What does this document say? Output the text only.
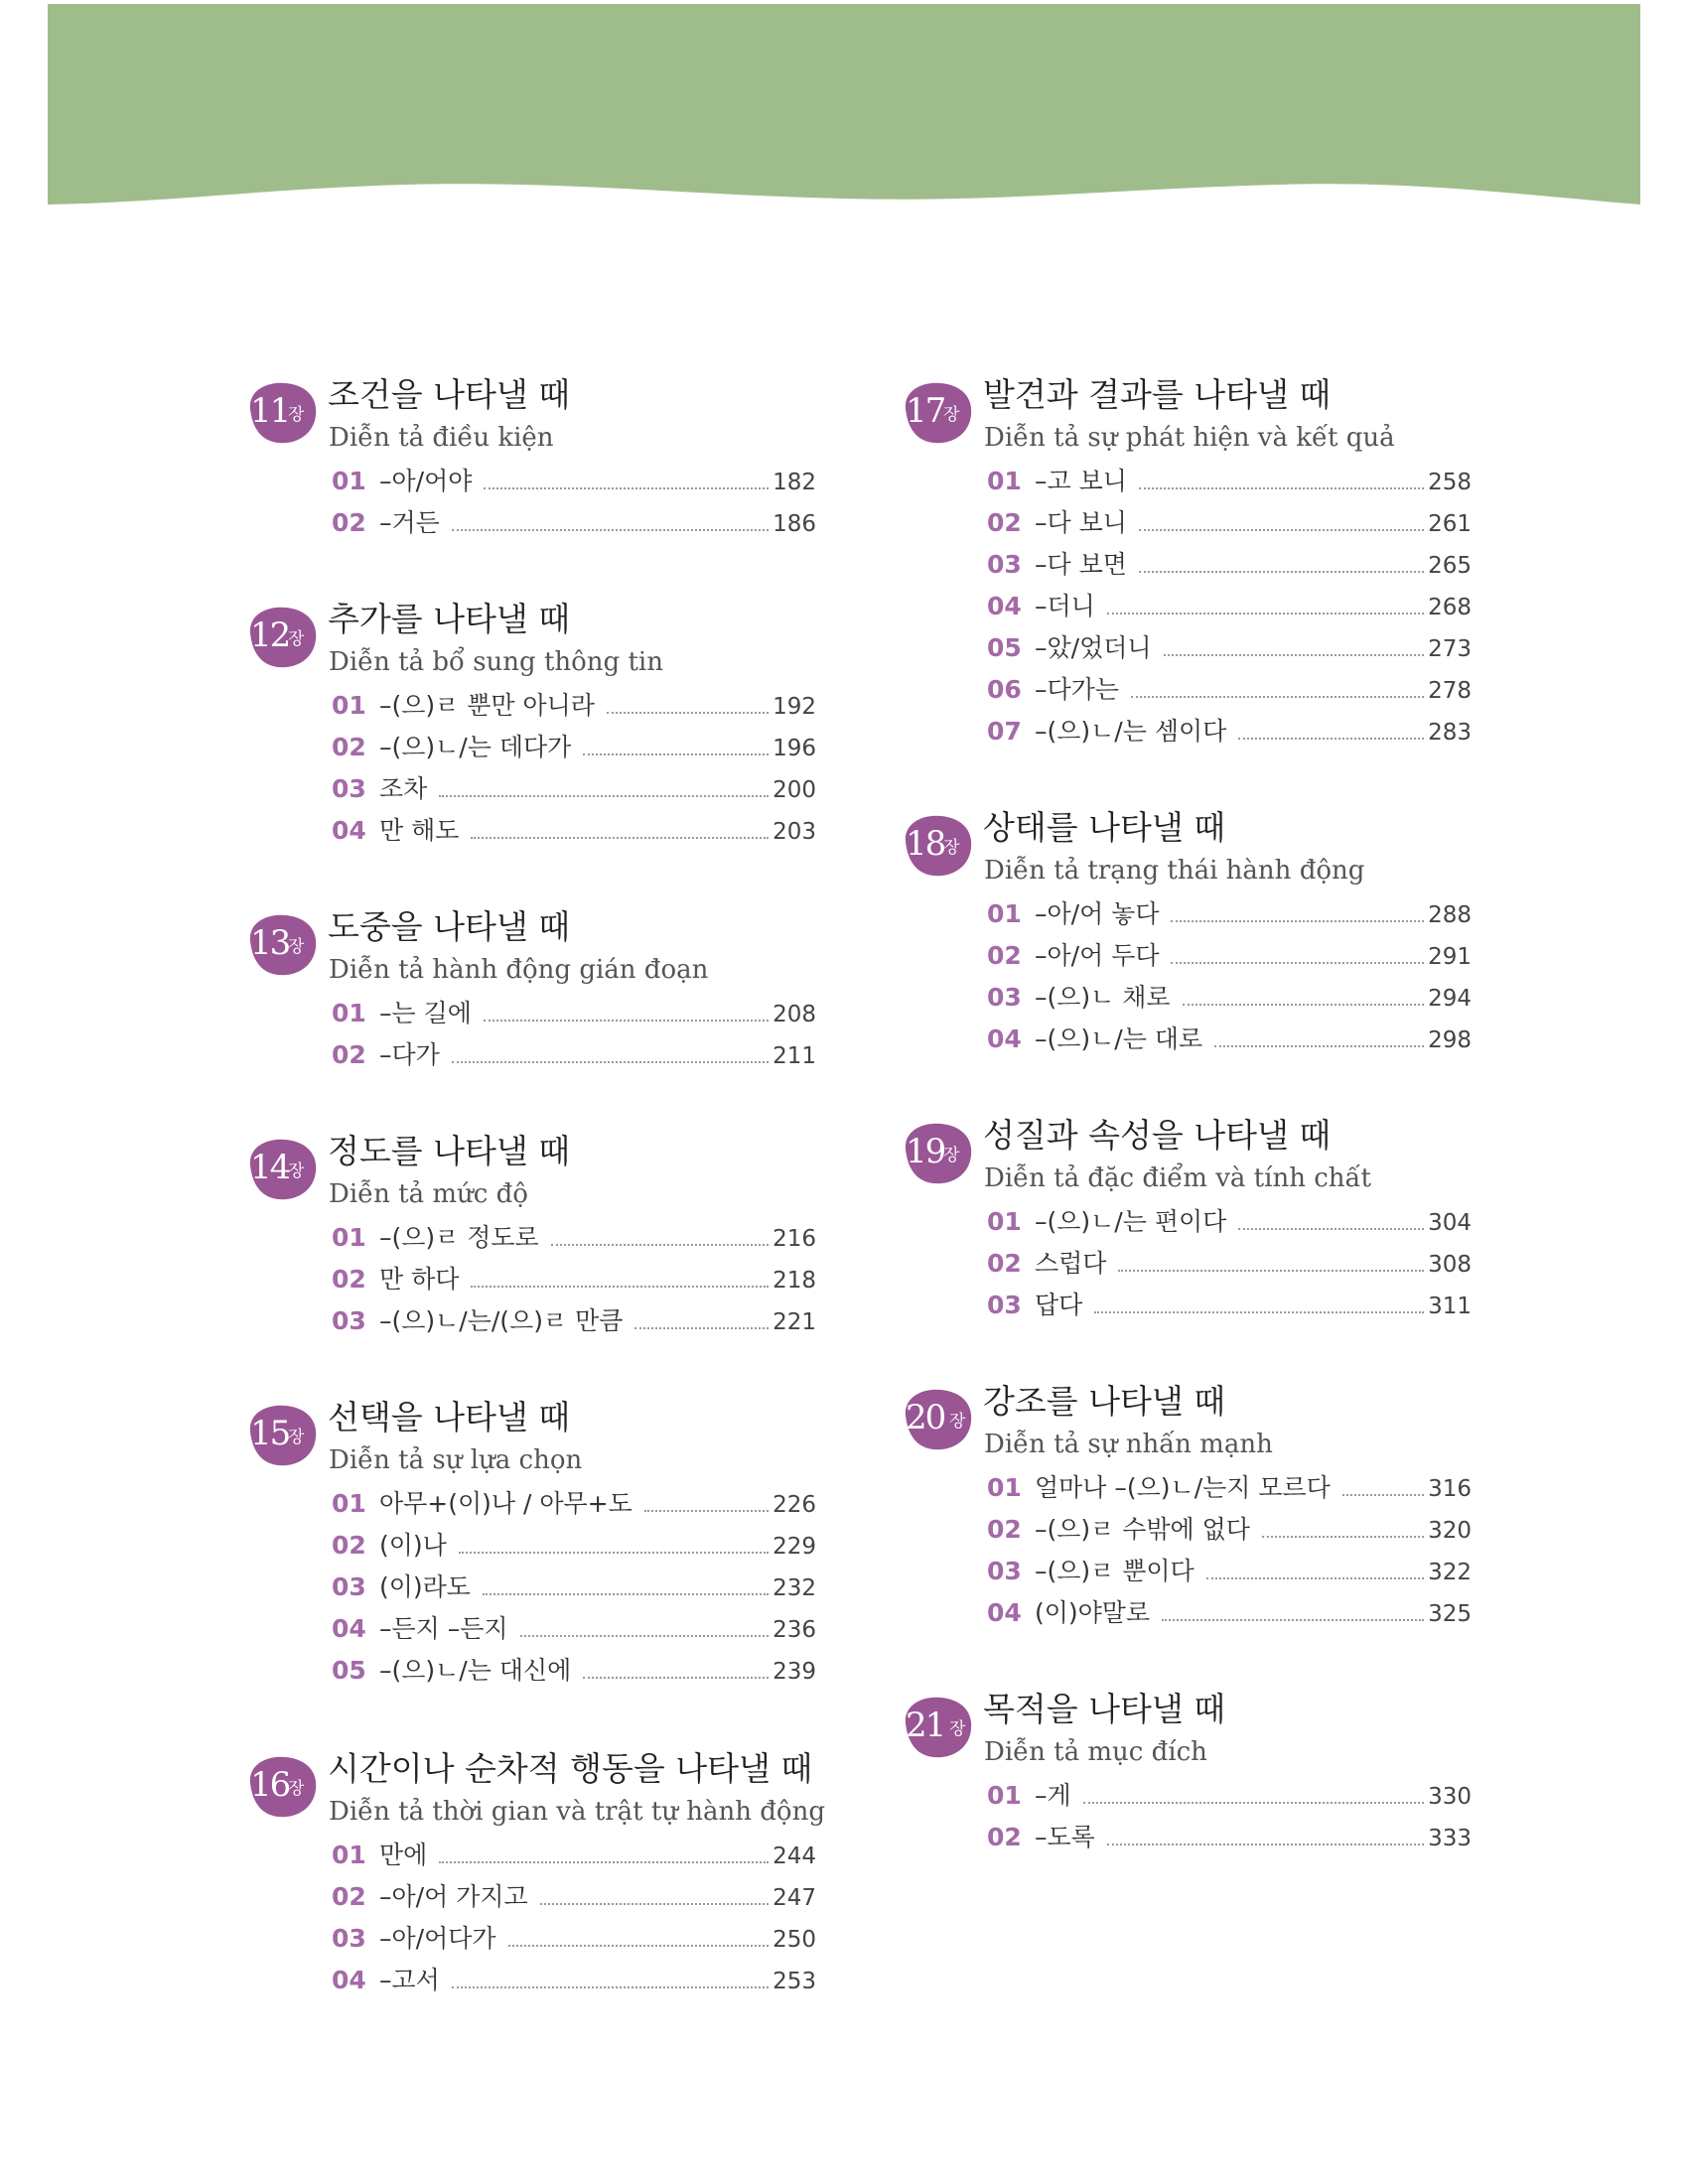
11
장
조건을 나타낼 때
Diễn tả điều kiện
01 –아/어야	182
02 –거든	186
12
장
추가를 나타낼 때
Diễn tả bổ sung thông tin
01 –(으)ㄹ 뿐만 아니라	192
02 –(으)ㄴ/는 데다가	196
03 조차	200
04 만 해도	203
13
장
도중을 나타낼 때
Diễn tả hành động gián đoạn
01 –는 길에	208
02 –다가	211
14
장
정도를 나타낼 때
Diễn tả mức độ
01 –(으)ㄹ 정도로	216
02 만 하다	218
03 –(으)ㄴ/는/(으)ㄹ 만큼	221
15
장
선택을 나타낼 때
Diễn tả sự lựa chọn
01 아무+(이)나 / 아무+도	226
02 (이)나	229
03 (이)라도	232
04 –든지 –든지	236
05 –(으)ㄴ/는 대신에	239
16
장
시간이나 순차적 행동을 나타낼 때
Diễn tả thời gian và trật tự hành động
01 만에	244
02 –아/어 가지고	247
03 –아/어다가	250
04 –고서	253
17
장
발견과 결과를 나타낼 때
Diễn tả sự phát hiện và kết quả
01 –고 보니	258
02 –다 보니	261
03 –다 보면	265
04 –더니	268
05 –았/었더니	273
06 –다가는	278
07 –(으)ㄴ/는 셈이다	283
18
장
상태를 나타낼 때
Diễn tả trạng thái hành động
01 –아/어 놓다	288
02 –아/어 두다	291
03 –(으)ㄴ 채로	294
04 –(으)ㄴ/는 대로	298
19
장
성질과 속성을 나타낼 때
Diễn tả đặc điểm và tính chất
01 –(으)ㄴ/는 편이다	304
02 스럽다	308
03 답다	311
20 장
강조를 나타낼 때
Diễn tả sự nhấn mạnh
01 얼마나 –(으)ㄴ/는지 모르다	316
02 –(으)ㄹ 수밖에 없다	320
03 –(으)ㄹ 뿐이다	322
04 (이)야말로	325
21 장
목적을 나타낼 때
Diễn tả mục đích
01 –게	330
02 –도록	333
